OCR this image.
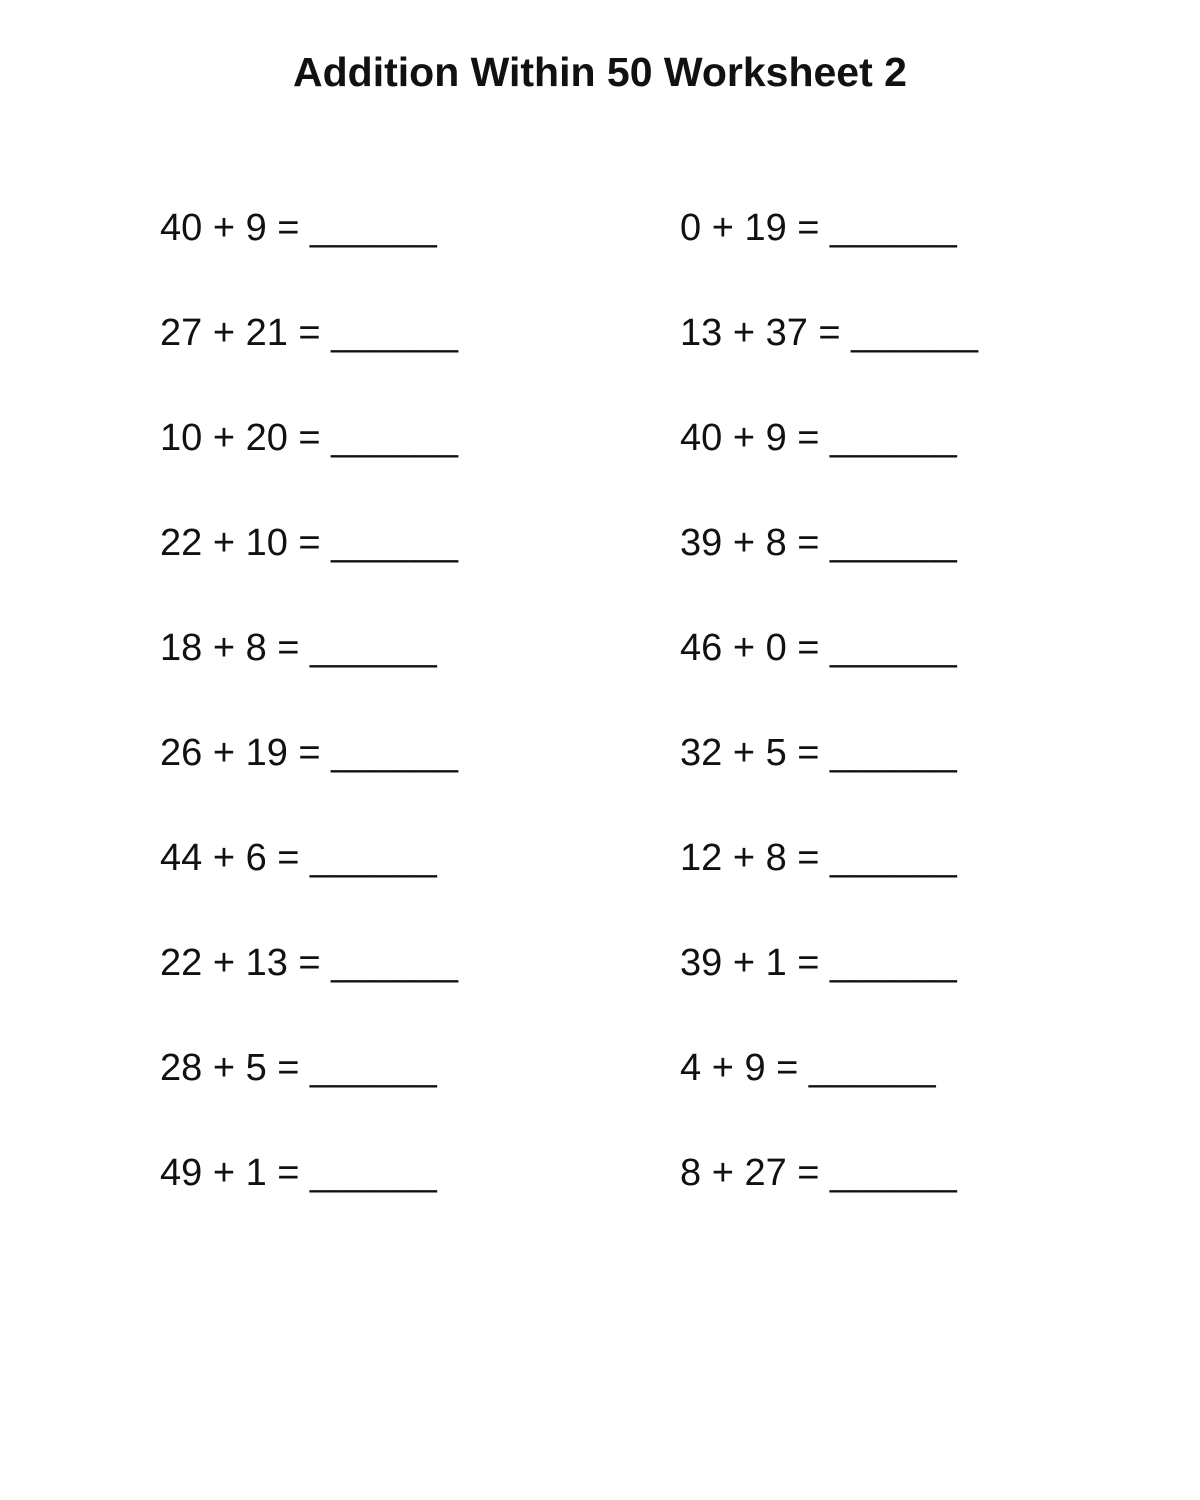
Addition Within 50 Worksheet 2
40 + 9 = ______	0 + 19 = ______
27 + 21 = ______	13 + 37 = ______
10 + 20 = ______	40 + 9 = ______
22 + 10 = ______	39 + 8 = ______
18 + 8 = ______	46 + 0 = ______
26 + 19 = ______	32 + 5 = ______
44 + 6 = ______	12 + 8 = ______
22 + 13 = ______	39 + 1 = ______
28 + 5 = ______	4 + 9 = ______
49 + 1 = ______	8 + 27 = ______
